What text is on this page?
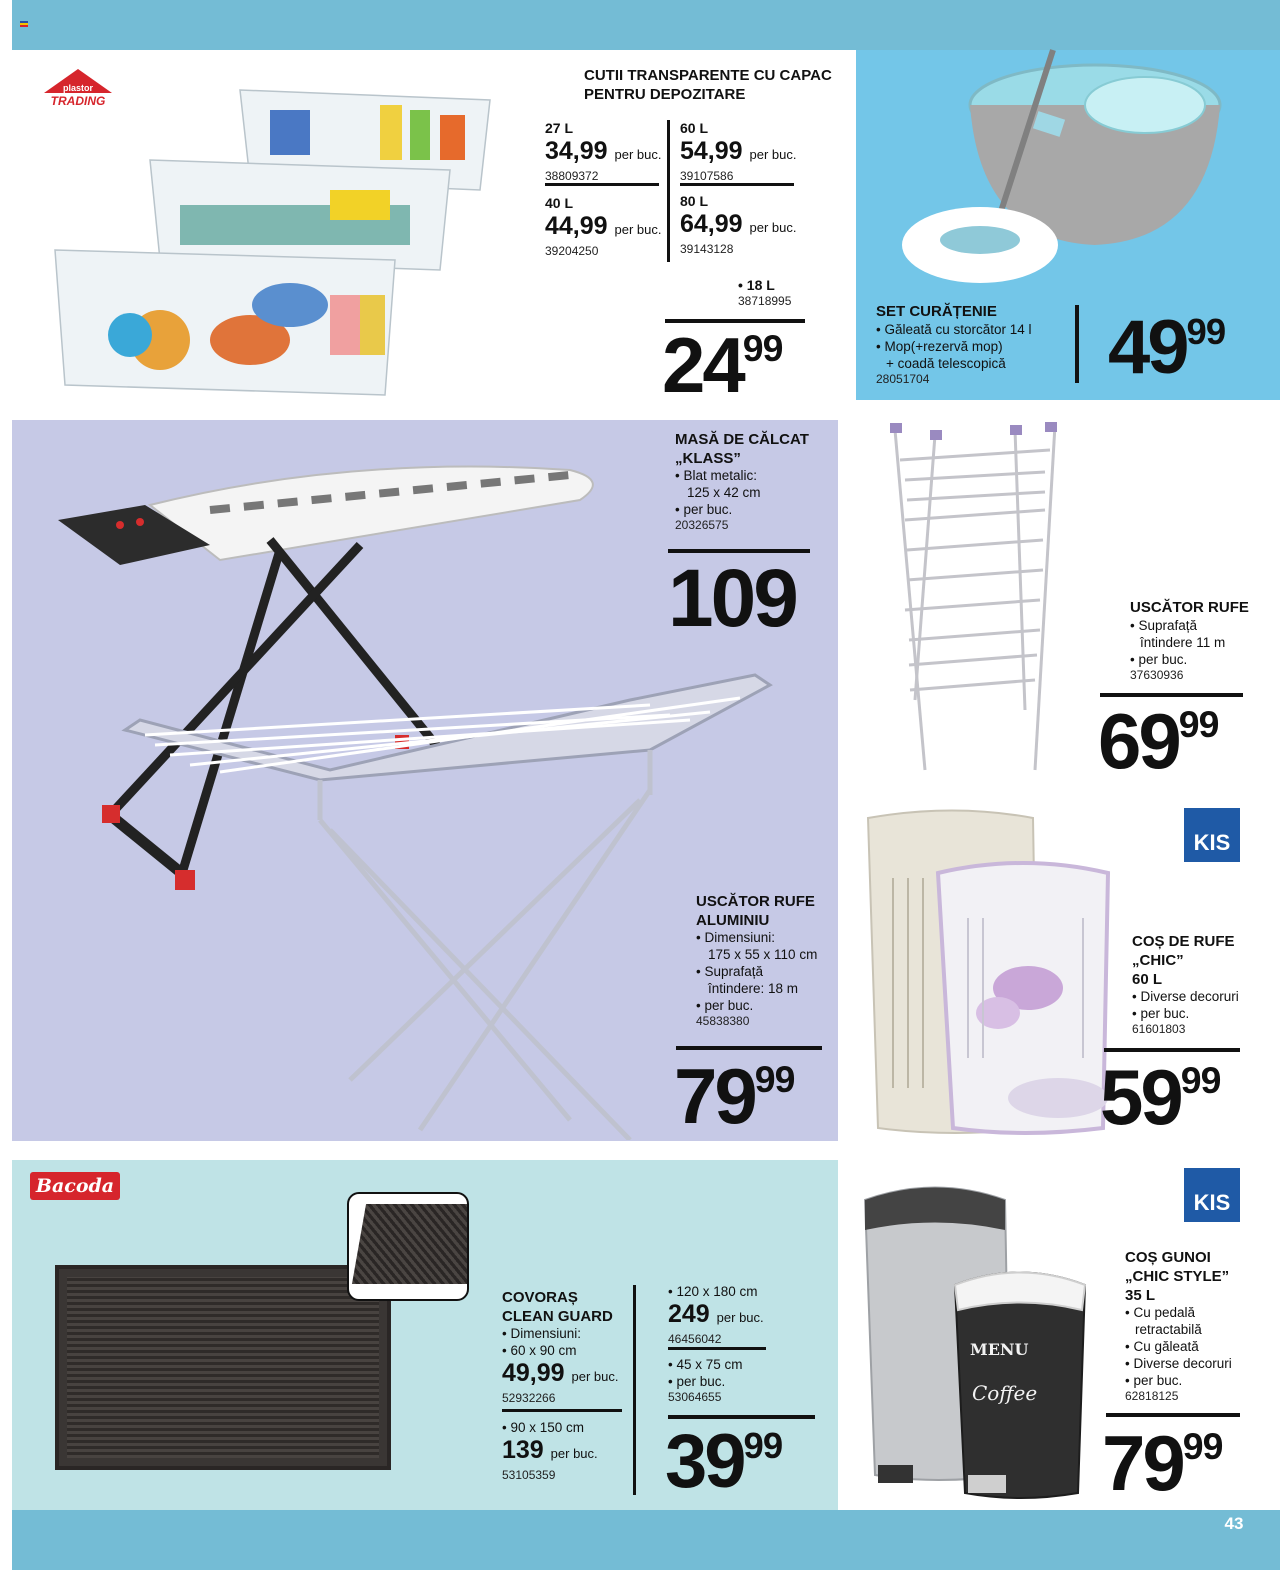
plastor
TRADING
CUTII TRANSPARENTE CU CAPAC PENTRU DEPOZITARE
27 L
34,99 per buc.
38809372
60 L
54,99 per buc.
39107586
40 L
44,99 per buc.
39204250
80 L
64,99 per buc.
39143128
• 18 L
38718995
$24^{99}$
SET CURĂȚENIE
• Găleată cu storcător 14 l
• Mop(+rezervă mop)
+ coadă telescopică
28051704	$49^{99}$
MASĂ DE CĂLCAT
„KLASS”
• Blat metalic:
125 x 42 cm
• per buc.
20326575
109
USCĂTOR RUFE
ALUMINIU
• Dimensiuni:
175 x 55 x 110 cm
• Suprafață
întindere: 18 m
• per buc.
45838380
$79^{99}$
USCĂTOR RUFE
• Suprafață
întindere 11 m
• per buc.
37630936
$69^{99}$
KIS
COȘ DE RUFE
„CHIC”
60 L
• Diverse decoruri
• per buc.
61601803
$59^{99}$
Bacoda
COVORAȘ
CLEAN GUARD
• Dimensiuni:
• 60 x 90 cm
49,99 per buc.
52932266
• 90 x 150 cm
139 per buc.
53105359
• 120 x 180 cm
249 per buc.
46456042
• 45 x 75 cm
• per buc.
53064655
$39^{99}$
KIS
MENU
Coffee
COȘ GUNOI
„CHIC STYLE”
35 L
• Cu pedală
retractabilă
• Cu găleată
• Diverse decoruri
• per buc.
62818125
$79^{99}$
43
